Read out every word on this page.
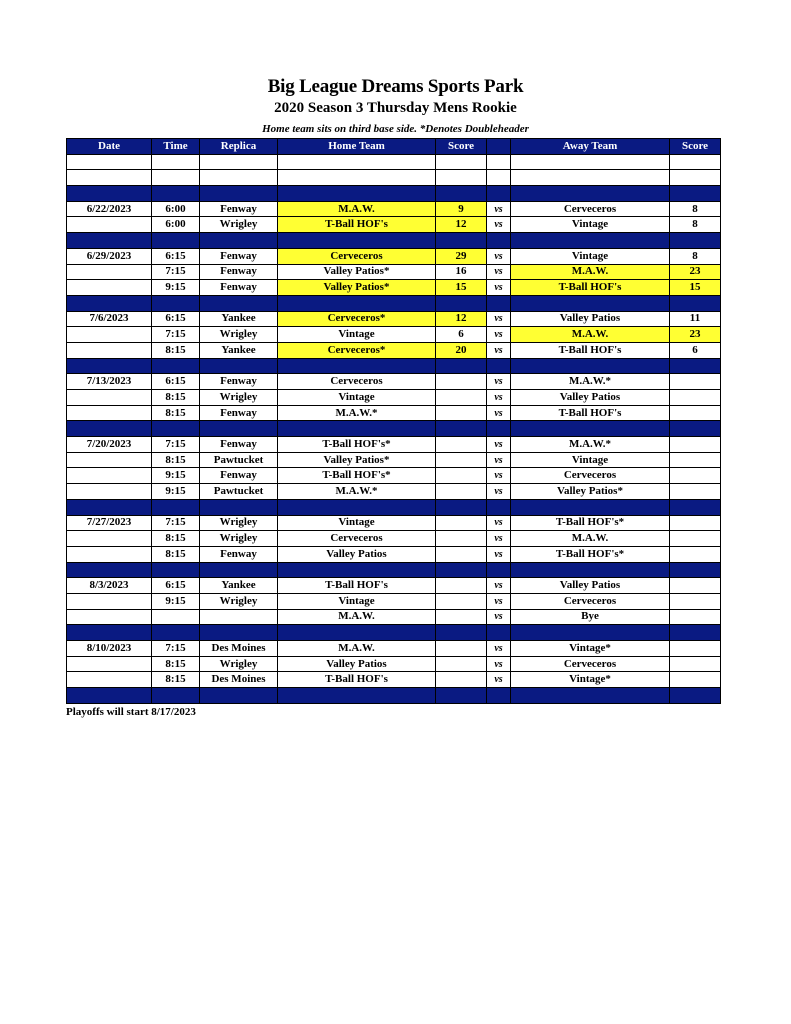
Big League Dreams Sports Park
2020 Season 3 Thursday Mens Rookie
Home team sits on third base side. *Denotes Doubleheader
Date	Time	Replica	Home Team	Score		Away Team	Score

6/22/2023	6:00	Fenway	M.A.W.	9	vs	Cerveceros	8
	6:00	Wrigley	T-Ball HOF's	12	vs	Vintage	8

6/29/2023	6:15	Fenway	Cerveceros	29	vs	Vintage	8
	7:15	Fenway	Valley Patios*	16	vs	M.A.W.	23
	9:15	Fenway	Valley Patios*	15	vs	T-Ball HOF's	15

7/6/2023	6:15	Yankee	Cerveceros*	12	vs	Valley Patios	11
	7:15	Wrigley	Vintage	6	vs	M.A.W.	23
	8:15	Yankee	Cerveceros*	20	vs	T-Ball HOF's	6

7/13/2023	6:15	Fenway	Cerveceros		vs	M.A.W.*	
	8:15	Wrigley	Vintage		vs	Valley Patios	
	8:15	Fenway	M.A.W.*		vs	T-Ball HOF's	

7/20/2023	7:15	Fenway	T-Ball HOF's*		vs	M.A.W.*	
	8:15	Pawtucket	Valley Patios*		vs	Vintage	
	9:15	Fenway	T-Ball HOF's*		vs	Cerveceros	
	9:15	Pawtucket	M.A.W.*		vs	Valley Patios*	

7/27/2023	7:15	Wrigley	Vintage		vs	T-Ball HOF's*	
	8:15	Wrigley	Cerveceros		vs	M.A.W.	
	8:15	Fenway	Valley Patios		vs	T-Ball HOF's*	

8/3/2023	6:15	Yankee	T-Ball HOF's		vs	Valley Patios	
	9:15	Wrigley	Vintage		vs	Cerveceros	
			M.A.W.		vs	Bye	

8/10/2023	7:15	Des Moines	M.A.W.		vs	Vintage*	
	8:15	Wrigley	Valley Patios		vs	Cerveceros	
	8:15	Des Moines	T-Ball HOF's		vs	Vintage*	

Playoffs will start 8/17/2023
